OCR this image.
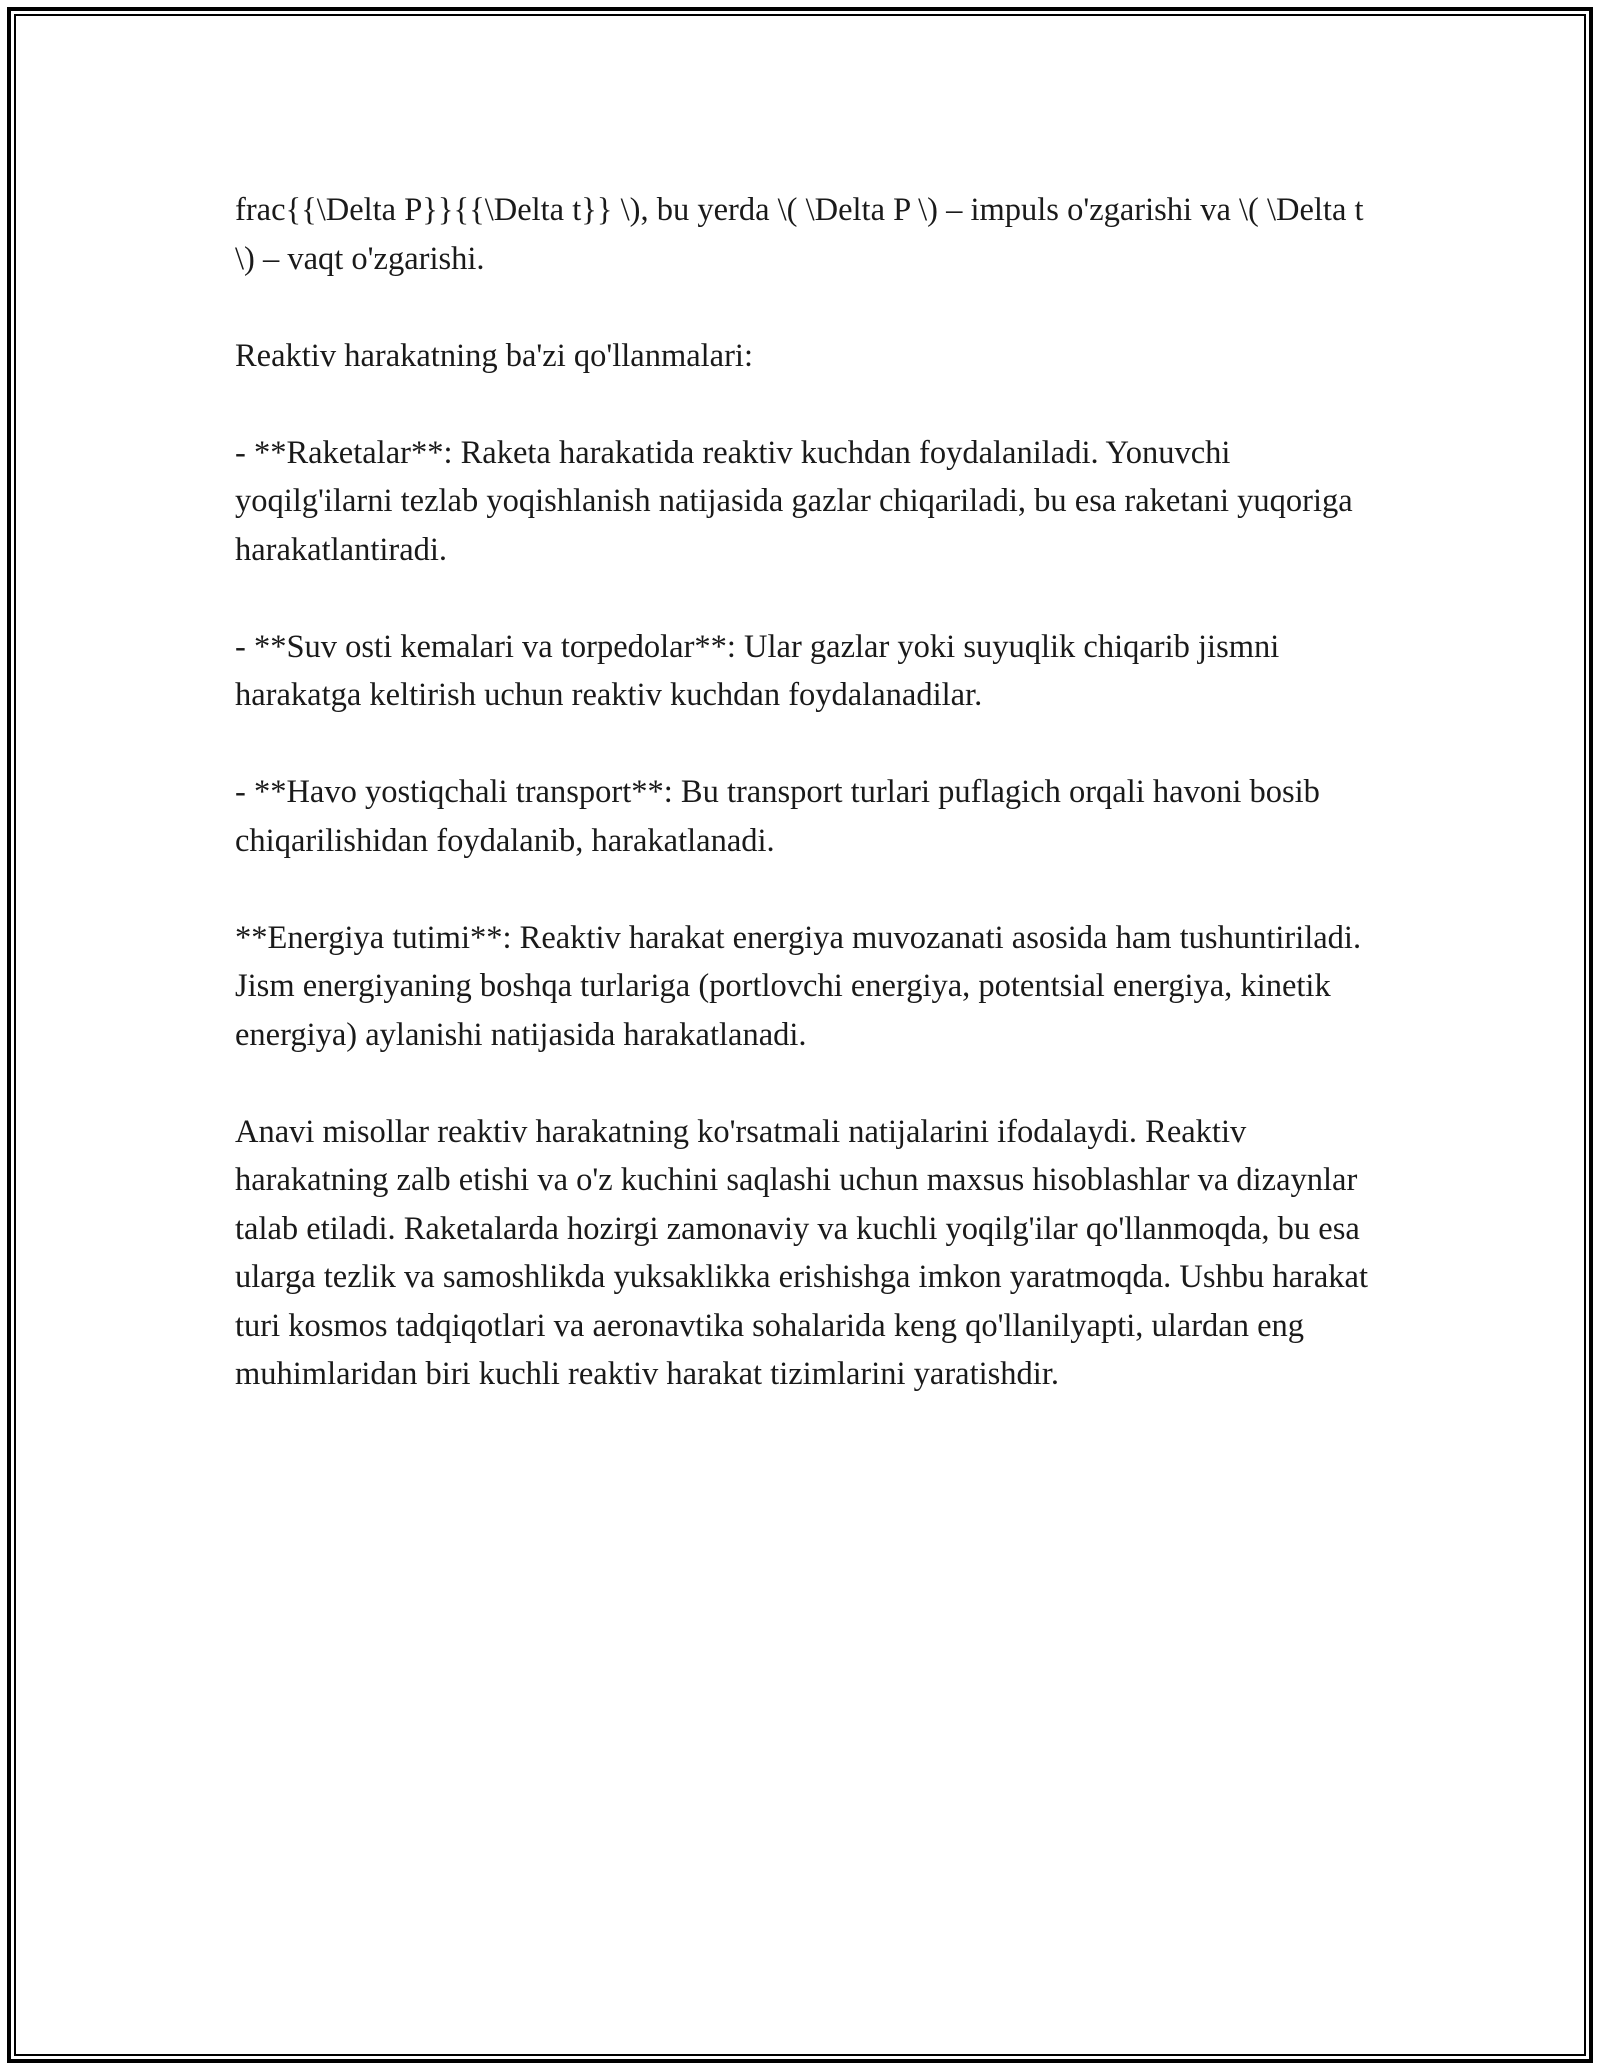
frac{{\Delta P}}{{\Delta t}} \), bu yerda \( \Delta P \) – impuls o'zgarishi va \( \Delta t \) – vaqt o'zgarishi.

Reaktiv harakatning ba'zi qo'llanmalari:

- **Raketalar**: Raketa harakatida reaktiv kuchdan foydalaniladi. Yonuvchi yoqilg'ilarni tezlab yoqishlanish natijasida gazlar chiqariladi, bu esa raketani yuqoriga harakatlantiradi.

- **Suv osti kemalari va torpedolar**: Ular gazlar yoki suyuqlik chiqarib jismni harakatga keltirish uchun reaktiv kuchdan foydalanadilar.

- **Havo yostiqchali transport**: Bu transport turlari puflagich orqali havoni bosib chiqarilishidan foydalanib, harakatlanadi.

**Energiya tutimi**: Reaktiv harakat energiya muvozanati asosida ham tushuntiriladi. Jism energiyaning boshqa turlariga (portlovchi energiya, potentsial energiya, kinetik energiya) aylanishi natijasida harakatlanadi.

Anavi misollar reaktiv harakatning ko'rsatmali natijalarini ifodalaydi. Reaktiv harakatning zalb etishi va o'z kuchini saqlashi uchun maxsus hisoblashlar va dizaynlar talab etiladi. Raketalarda hozirgi zamonaviy va kuchli yoqilg'ilar qo'llanmoqda, bu esa ularga tezlik va samoshlikda yuksaklikka erishishga imkon yaratmoqda. Ushbu harakat turi kosmos tadqiqotlari va aeronavtika sohalarida keng qo'llanilyapti, ulardan eng muhimlaridan biri kuchli reaktiv harakat tizimlarini yaratishdir.
